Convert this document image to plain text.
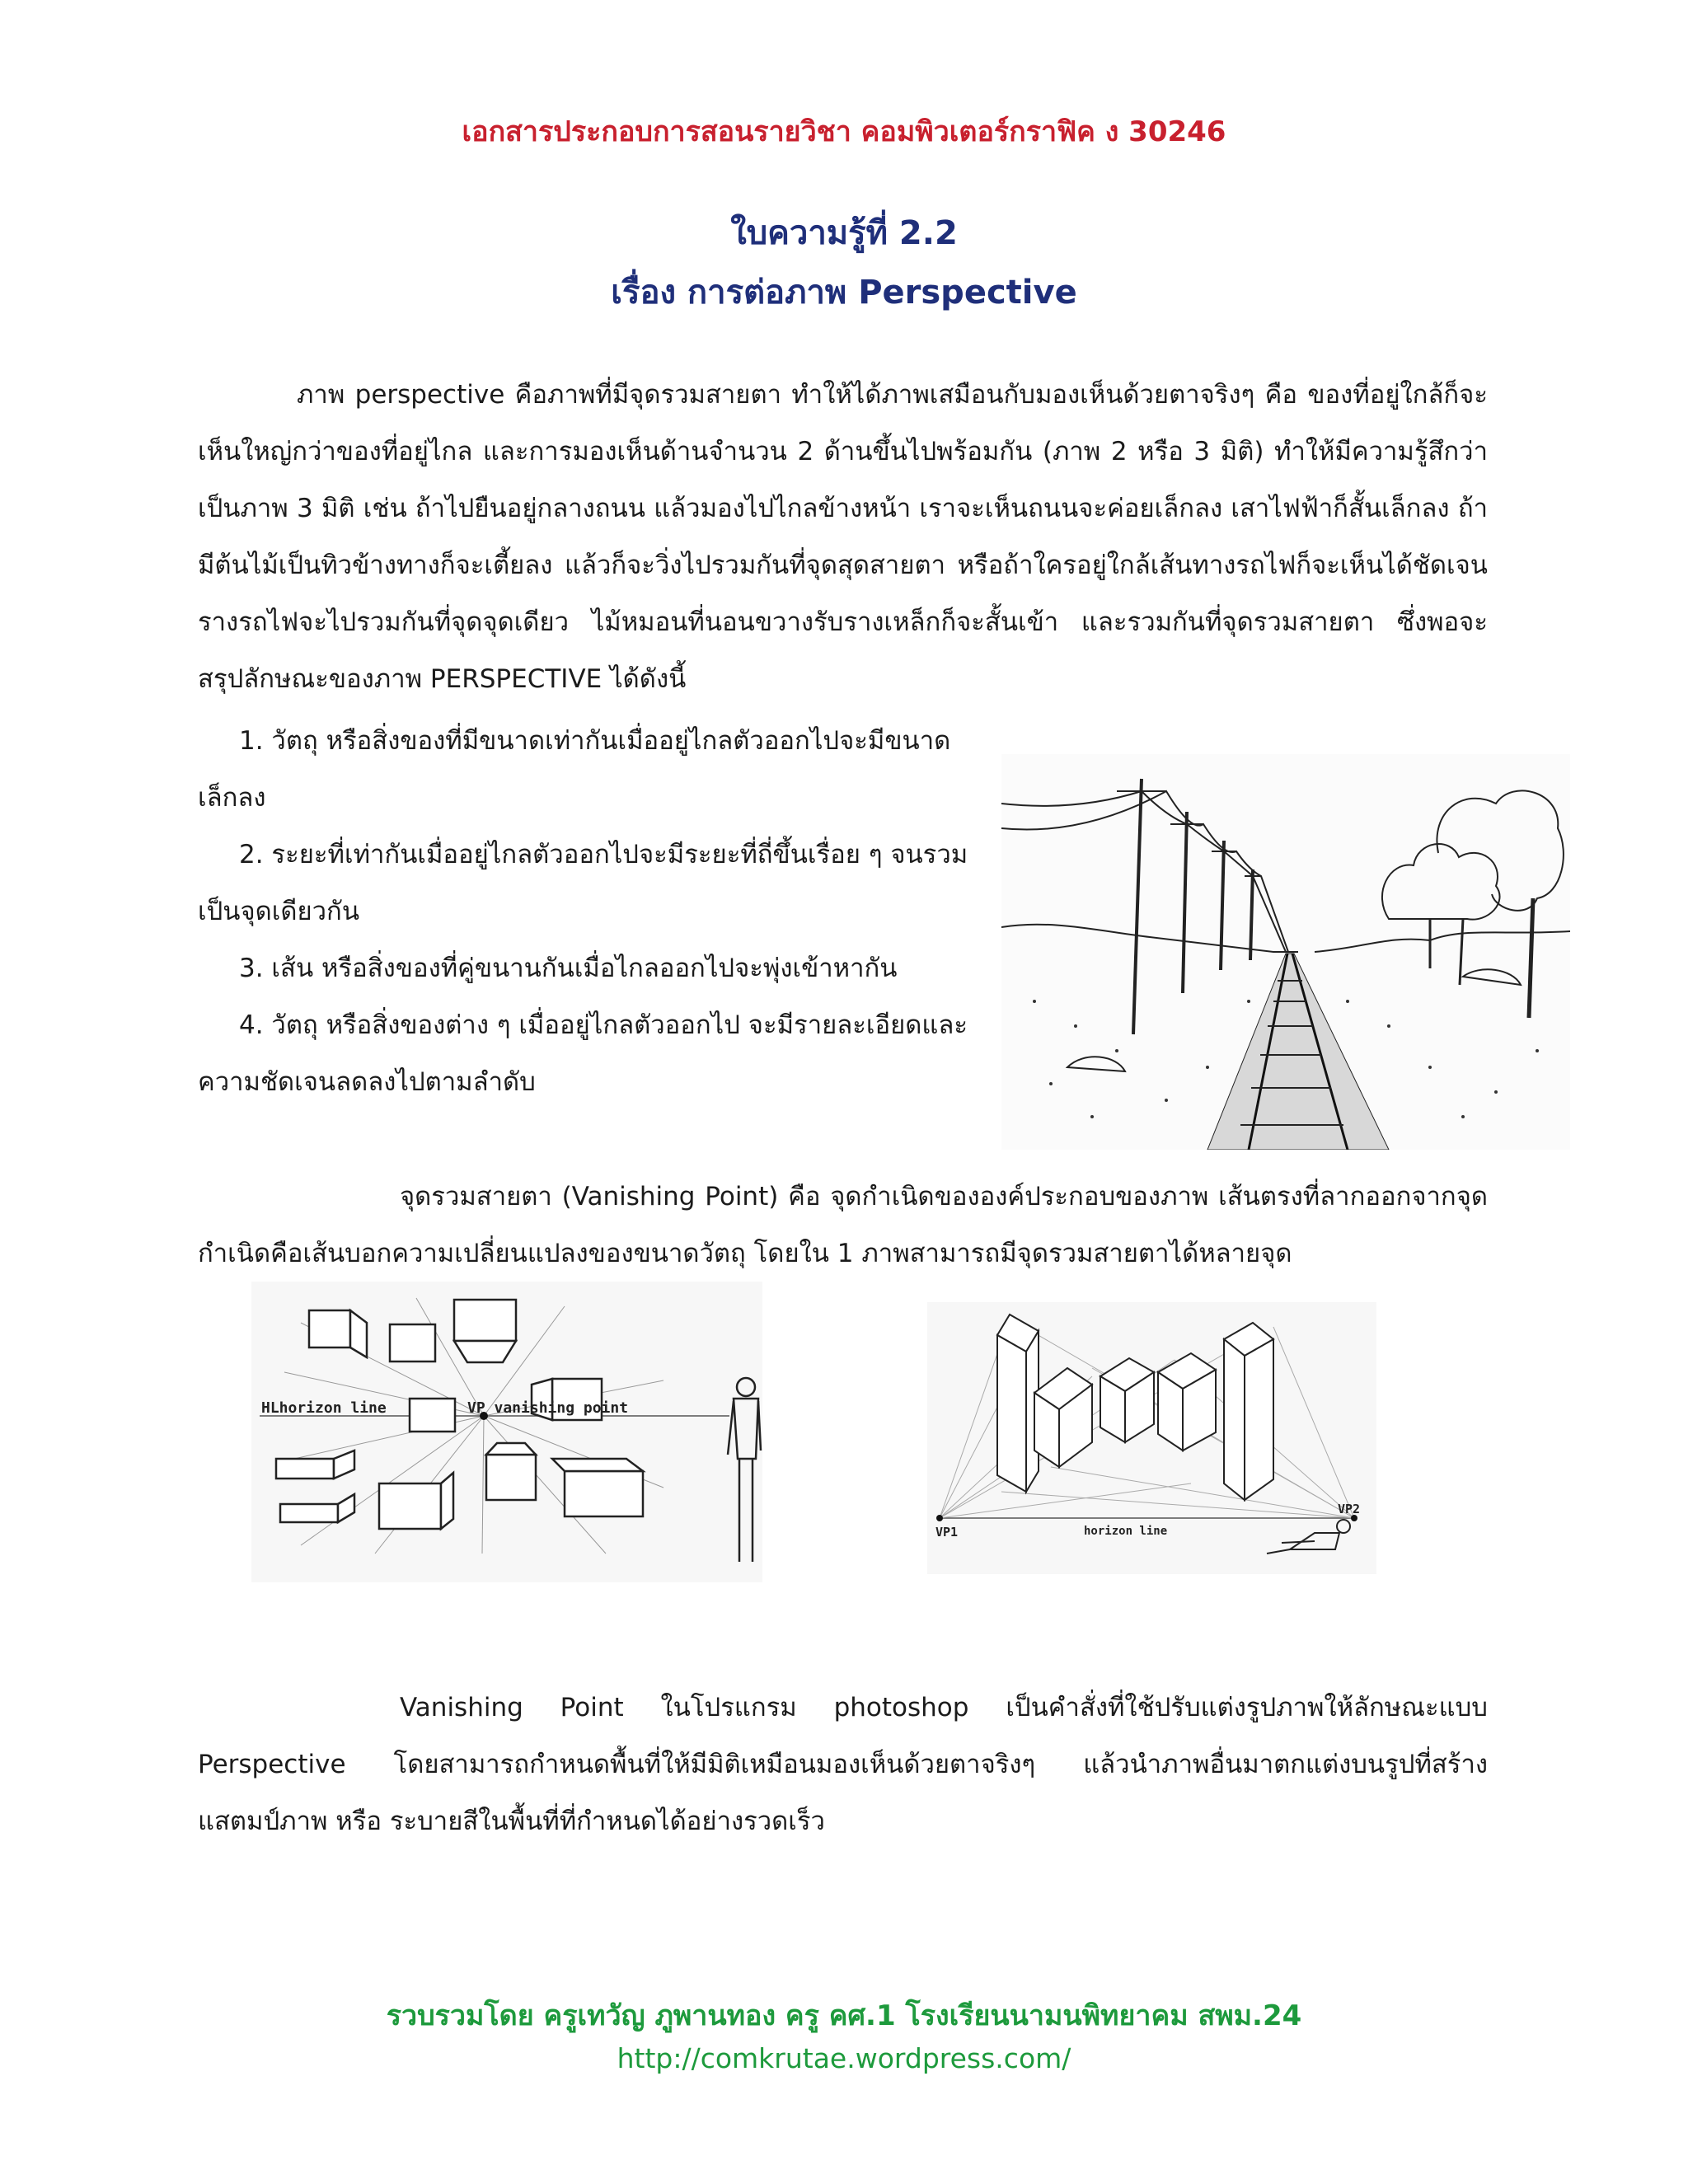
เอกสารประกอบการสอนรายวิชา คอมพิวเตอร์กราฟิค ง 30246
ใบความรู้ที่ 2.2
เรื่อง การต่อภาพ Perspective

ภาพ perspective คือภาพที่มีจุดรวมสายตา ทำให้ได้ภาพเสมือนกับมองเห็นด้วยตาจริงๆ คือ ของที่อยู่ใกล้ก็จะเห็นใหญ่กว่าของที่อยู่ไกล และการมองเห็นด้านจำนวน 2 ด้านขึ้นไปพร้อมกัน (ภาพ 2 หรือ 3 มิติ) ทำให้มีความรู้สึกว่าเป็นภาพ 3 มิติ เช่น ถ้าไปยืนอยู่กลางถนน แล้วมองไปไกลข้างหน้า เราจะเห็นถนนจะค่อยเล็กลง เสาไฟฟ้าก็สั้นเล็กลง ถ้ามีต้นไม้เป็นทิวข้างทางก็จะเตี้ยลง แล้วก็จะวิ่งไปรวมกันที่จุดสุดสายตา หรือถ้าใครอยู่ใกล้เส้นทางรถไฟก็จะเห็นได้ชัดเจน รางรถไฟจะไปรวมกันที่จุดจุดเดียว ไม้หมอนที่นอนขวางรับรางเหล็กก็จะสั้นเข้า และรวมกันที่จุดรวมสายตา ซึ่งพอจะสรุปลักษณะของภาพ PERSPECTIVE ได้ดังนี้

1. วัตถุ หรือสิ่งของที่มีขนาดเท่ากันเมื่ออยู่ไกลตัวออกไปจะมีขนาดเล็กลง
2. ระยะที่เท่ากันเมื่ออยู่ไกลตัวออกไปจะมีระยะที่ถี่ขึ้นเรื่อย ๆ จนรวมเป็นจุดเดียวกัน
3. เส้น หรือสิ่งของที่คู่ขนานกันเมื่อไกลออกไปจะพุ่งเข้าหากัน
4. วัตถุ หรือสิ่งของต่าง ๆ เมื่ออยู่ไกลตัวออกไป จะมีรายละเอียดและความชัดเจนลดลงไปตามลำดับ

จุดรวมสายตา (Vanishing Point) คือ จุดกำเนิดขององค์ประกอบของภาพ เส้นตรงที่ลากออกจากจุดกำเนิดคือเส้นบอกความเปลี่ยนแปลงของขนาดวัตถุ โดยใน 1 ภาพสามารถมีจุดรวมสายตาได้หลายจุด

HLhorizon line	VP vanishing point
VP1
VP2
horizon line

Vanishing Point ในโปรแกรม photoshop เป็นคำสั่งที่ใช้ปรับแต่งรูปภาพให้ลักษณะแบบ Perspective โดยสามารถกำหนดพื้นที่ให้มีมิติเหมือนมองเห็นด้วยตาจริงๆ แล้วนำภาพอื่นมาตกแต่งบนรูปที่สร้างแสตมป์ภาพ หรือ ระบายสีในพื้นที่ที่กำหนดได้อย่างรวดเร็ว

รวบรวมโดย ครูเทวัญ ภูพานทอง ครู คศ.1 โรงเรียนนามนพิทยาคม สพม.24
http://comkrutae.wordpress.com/
